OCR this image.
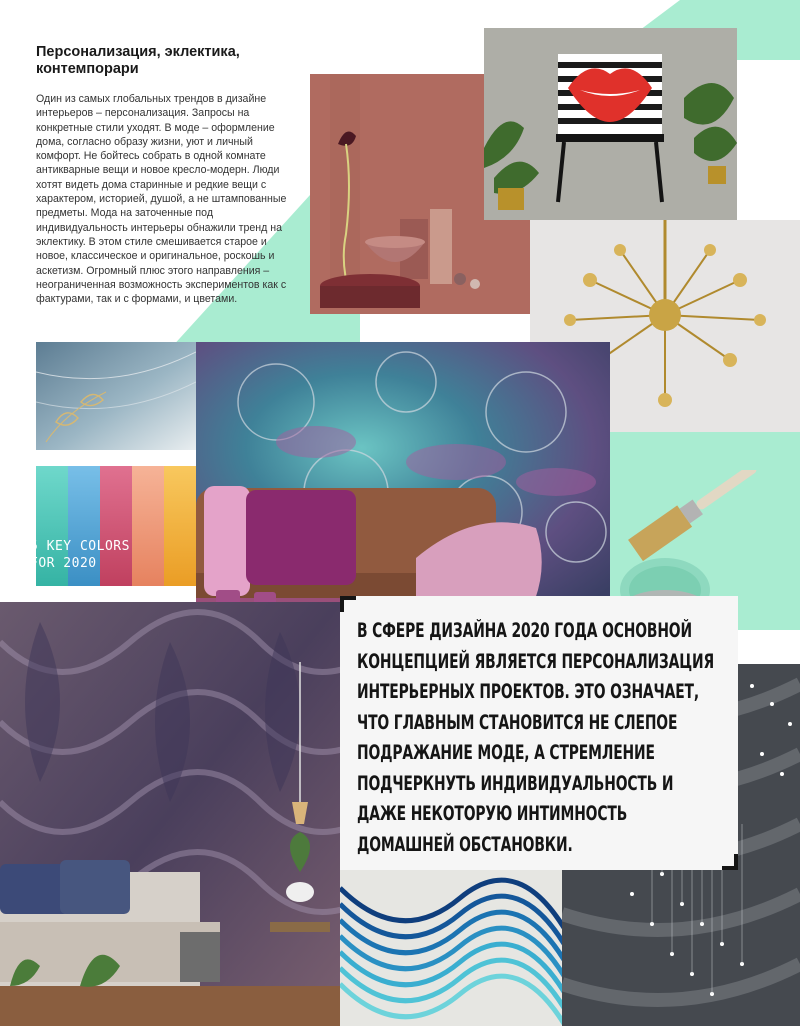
5 KEY COLORS
FOR 2020
Персонализация, эклектика, контемпорари

Один из самых глобальных трендов в дизайне интерьеров – персонализация. Запросы на конкретные стили уходят. В моде – оформление дома, согласно образу жизни, уют и личный комфорт. Не бойтесь собрать в одной комнате антикварные вещи и новое кресло-модерн. Люди хотят видеть дома старинные и редкие вещи с характером, историей, душой, а не штампованные предметы. Мода на заточенные под индивидуальность интерьеры обнажили тренд на эклектику. В этом стиле смешивается старое и новое, классическое и оригинальное, роскошь и аскетизм. Огромный плюс этого направления – неограниченная возможность экспериментов как с фактурами, так и с формами, и цветами.

В СФЕРЕ ДИЗАЙНА 2020 ГОДА ОСНОВНОЙ КОНЦЕПЦИЕЙ ЯВЛЯЕТСЯ ПЕРСОНАЛИЗАЦИЯ ИНТЕРЬЕРНЫХ ПРОЕКТОВ. ЭТО ОЗНАЧАЕТ, ЧТО ГЛАВНЫМ СТАНОВИТСЯ НЕ СЛЕПОЕ ПОДРАЖАНИЕ МОДЕ, А СТРЕМЛЕНИЕ ПОДЧЕРКНУТЬ ИНДИВИДУАЛЬНОСТЬ И ДАЖЕ НЕКОТОРУЮ ИНТИМНОСТЬ ДОМАШНЕЙ ОБСТАНОВКИ.
